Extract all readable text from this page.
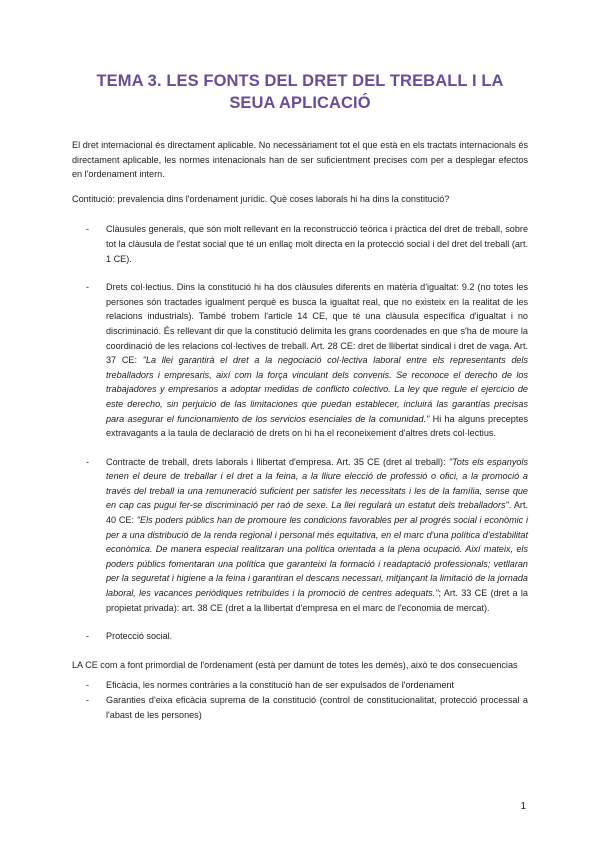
TEMA 3. LES FONTS DEL DRET DEL TREBALL I LA SEUA APLICACIÓ

El dret internacional és directament aplicable. No necessàriament tot el que està en els tractats internacionals és directament aplicable, les normes intenacionals han de ser suficientment precises com per a desplegar efectos en l'ordenament intern.

Contitució: prevalencia dins l'ordenament jurídic. Què coses laborals hi ha dins la constitució?

- Clàusules generals, que són molt rellevant en la reconstrucció teòrica i pràctica del dret de treball, sobre tot la clàusula de l'estat social que té un enllaç molt directa en la protecció social i del dret del treball (art. 1 CE).
- Drets col·lectius. Dins la constitució hi ha dos clàusules diferents en matèria d'igualtat: 9.2 (no totes les persones són tractades igualment perquè es busca la igualtat real, que no existeix en la realitat de les relacions industrials). També trobem l'article 14 CE, que té una clàusula específica d'igualtat i no discriminació. És rellevant dir que la constitució delimita les grans coordenades en que s'ha de moure la coordinació de les relacions col·lectives de treball. Art. 28 CE: dret de llibertat sindical i dret de vaga. Art. 37 CE: "La llei garantirà el dret a la negociació col·lectiva laboral entre els representants dels treballadors i empresaris, així com la força vinculant dels convenis. Se reconoce el derecho de los trabajadores y empresarios a adoptar medidas de conflicto colectivo. La ley que regule el ejercicio de este derecho, sin perjuicio de las limitaciones que puedan establecer, incluirá las garantías precisas para asegurar el funcionamiento de los servicios esenciales de la comunidad." Hi ha alguns preceptes extravagants a la taula de declaració de drets on hi ha el reconeixement d'altres drets col·lectius.
- Contracte de treball, drets laborals i llibertat d'empresa. Art. 35 CE (dret al treball): "Tots els espanyols tenen el deure de treballar i el dret a la feina, a la lliure elecció de professió o ofici, a la promoció a través del treball ia una remuneració suficient per satisfer les necessitats i les de la família, sense que en cap cas pugui fer-se discriminació per raó de sexe. La llei regularà un estatut dels treballadors". Art. 40 CE: "Els poders públics han de promoure les condicions favorables per al progrés social i econòmic i per a una distribució de la renda regional i personal més equitativa, en el marc d'una política d'estabilitat econòmica. De manera especial realitzaran una política orientada a la plena ocupació. Així mateix, els poders públics fomentaran una política que garanteixi la formació i readaptació professionals; vetllaran per la seguretat i higiene a la feina i garantiran el descans necessari, mitjançant la limitació de la jornada laboral, les vacances periòdiques retribuïdes i la promoció de centres adequats."; Art. 33 CE (dret a la propietat privada): art. 38 CE (dret a la llibertat d'empresa en el marc de l'economia de mercat).
- Protecció social.

LA CE com a font primordial de l'ordenament (està per damunt de totes les demés), això te dos consecuencias

- Eficàcia, les normes contràries a la constitució han de ser expulsados de l'ordenament
- Garanties d'eixa eficàcia suprema de la constitució (control de constitucionalitat, protecció processal a l'abast de les persones)
1
